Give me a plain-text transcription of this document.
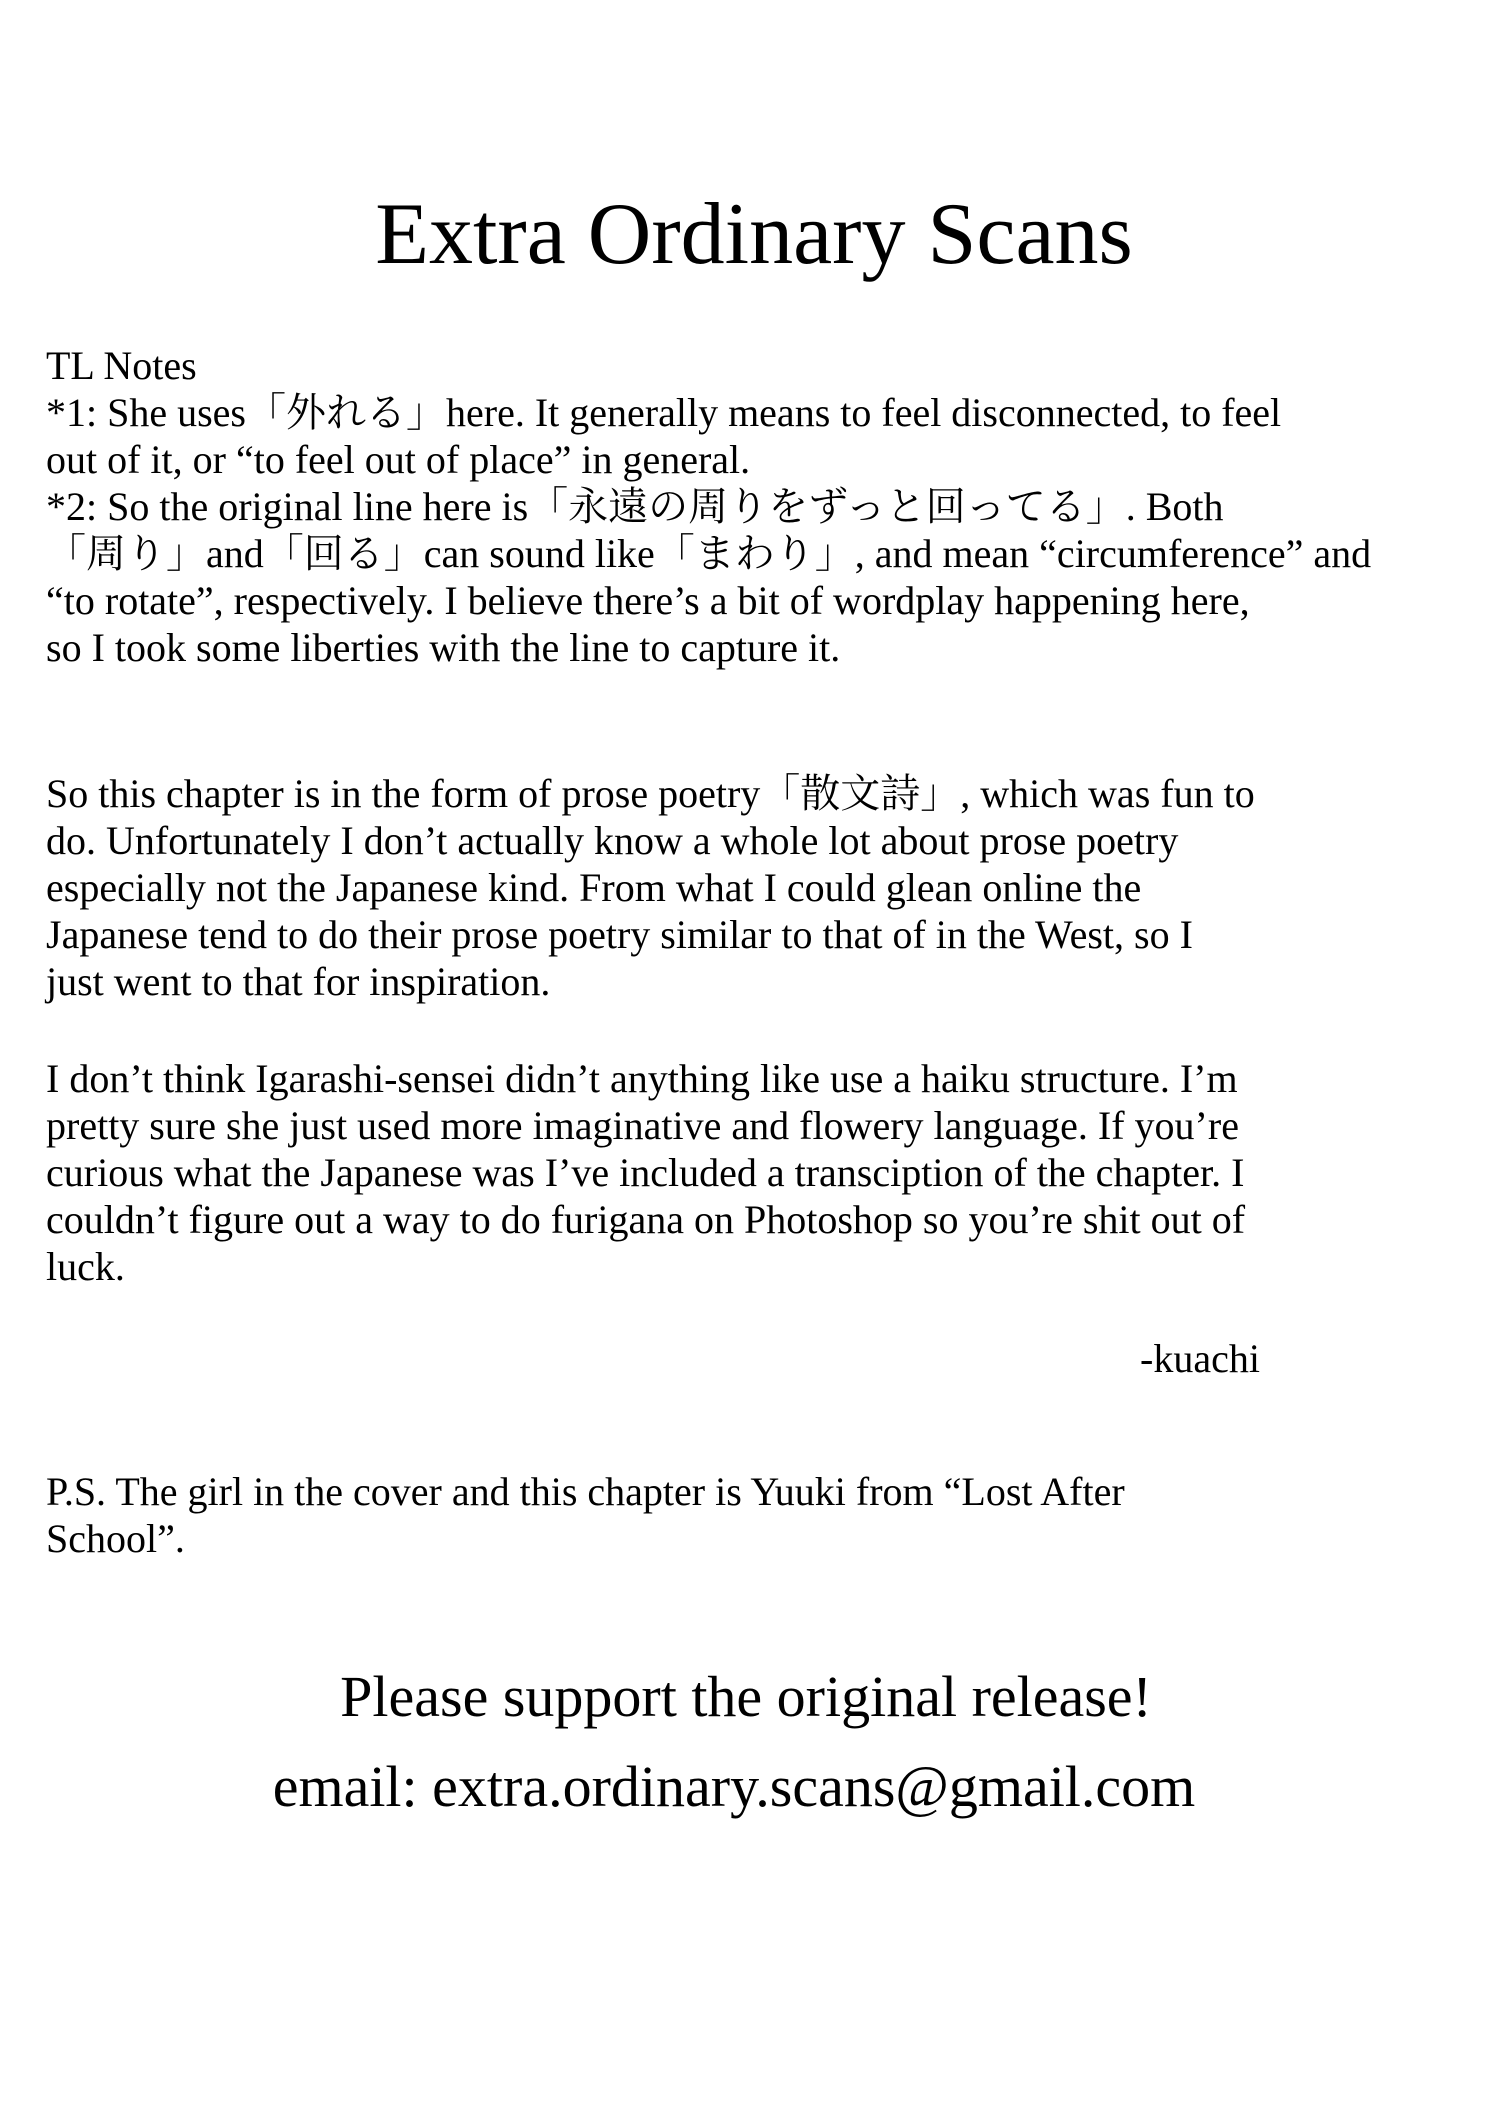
Extra Ordinary Scans

TL Notes

*1: She uses「外れる」here. It generally means to feel disconnected, to feel

out of it, or “to feel out of place” in general.

*2: So the original line here is「永遠の周りをずっと回ってる」. Both

「周り」and「回る」can sound like「まわり」, and mean “circumference” and

“to rotate”, respectively. I believe there’s a bit of wordplay happening here,

so I took some liberties with the line to capture it.

So this chapter is in the form of prose poetry「散文詩」, which was fun to

do. Unfortunately I don’t actually know a whole lot about prose poetry

especially not the Japanese kind. From what I could glean online the

Japanese tend to do their prose poetry similar to that of in the West, so I

just went to that for inspiration.

I don’t think Igarashi-sensei didn’t anything like use a haiku structure. I’m

pretty sure she just used more imaginative and flowery language. If you’re

curious what the Japanese was I’ve included a transciption of the chapter. I

couldn’t figure out a way to do furigana on Photoshop so you’re shit out of

luck.

-kuachi

P.S. The girl in the cover and this chapter is Yuuki from “Lost After

School”.

Please support the original release!

email: extra.ordinary.scans@gmail.com
